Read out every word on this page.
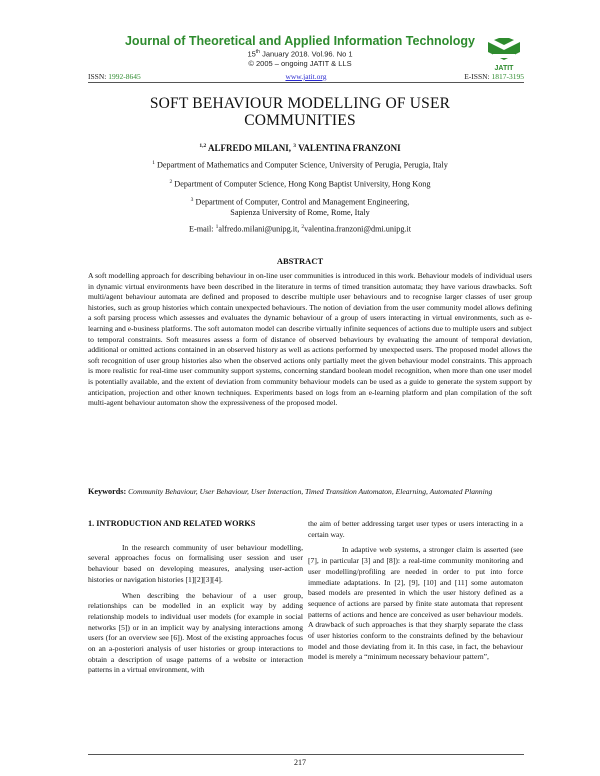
Journal of Theoretical and Applied Information Technology
15th January 2018. Vol.96. No 1
© 2005 – ongoing JATIT & LLS
JATIT
ISSN: 1992-8645	www.jatit.org	E-ISSN: 1817-3195
SOFT BEHAVIOUR MODELLING OF USER
COMMUNITIES
$^{1,2}$ ALFREDO MILANI, $^3$ VALENTINA FRANZONI
$^1$ Department of Mathematics and Computer Science, University of Perugia, Perugia, Italy
$^2$ Department of Computer Science, Hong Kong Baptist University, Hong Kong
$^3$ Department of Computer, Control and Management Engineering,
Sapienza University of Rome, Rome, Italy
E-mail: $^1$alfredo.milani@unipg.it, $^2$valentina.franzoni@dmi.unipg.it
ABSTRACT

A soft modelling approach for describing behaviour in on-line user communities is introduced in this work. Behaviour models of individual users in dynamic virtual environments have been described in the literature in terms of timed transition automata; they have various drawbacks. Soft multi/agent behaviour automata are defined and proposed to describe multiple user behaviours and to recognise larger classes of user group histories, such as group histories which contain unexpected behaviours. The notion of deviation from the user community model allows defining a soft parsing process which assesses and evaluates the dynamic behaviour of a group of users interacting in virtual environments, such as e-learning and e-business platforms. The soft automaton model can describe virtually infinite sequences of actions due to multiple users and subject to temporal constraints. Soft measures assess a form of distance of observed behaviours by evaluating the amount of temporal deviation, additional or omitted actions contained in an observed history as well as actions performed by unexpected users. The proposed model allows the soft recognition of user group histories also when the observed actions only partially meet the given behaviour model constraints. This approach is more realistic for real-time user community support systems, concerning standard boolean model recognition, when more than one user model is potentially available, and the extent of deviation from community behaviour models can be used as a guide to generate the system support by anticipation, projection and other known techniques. Experiments based on logs from an e-learning platform and plan compilation of the soft multi-agent behaviour automaton show the expressiveness of the proposed model.

Keywords: Community Behaviour, User Behaviour, User Interaction, Timed Transition Automaton, Elearning, Automated Planning

1. INTRODUCTION AND RELATED WORKS

In the research community of user behaviour modelling, several approaches focus on formalising user session and user behaviour based on developing measures, analysing user-action histories or navigation histories [1][2][3][4].

When describing the behaviour of a user group, relationships can be modelled in an explicit way by adding relationship models to individual user models (for example in social networks [5]) or in an implicit way by analysing interactions among users (for an overview see [6]). Most of the existing approaches focus on an a-posteriori analysis of user histories or group interactions to obtain a description of usage patterns of a website or interaction patterns in a virtual environment, with

the aim of better addressing target user types or users interacting in a certain way.

In adaptive web systems, a stronger claim is asserted (see [7], in particular [3] and [8]): a real-time community monitoring and user modelling/profiling are needed in order to put into force immediate adaptations. In [2], [9], [10] and [11] some automaton based models are presented in which the user history defined as a sequence of actions are parsed by finite state automata that represent patterns of actions and hence are conceived as user behaviour models. A drawback of such approaches is that they sharply separate the class of user histories conform to the constraints defined by the behaviour model and those deviating from it. In this case, in fact, the behaviour model is merely a “minimum necessary behaviour pattern”,

217
